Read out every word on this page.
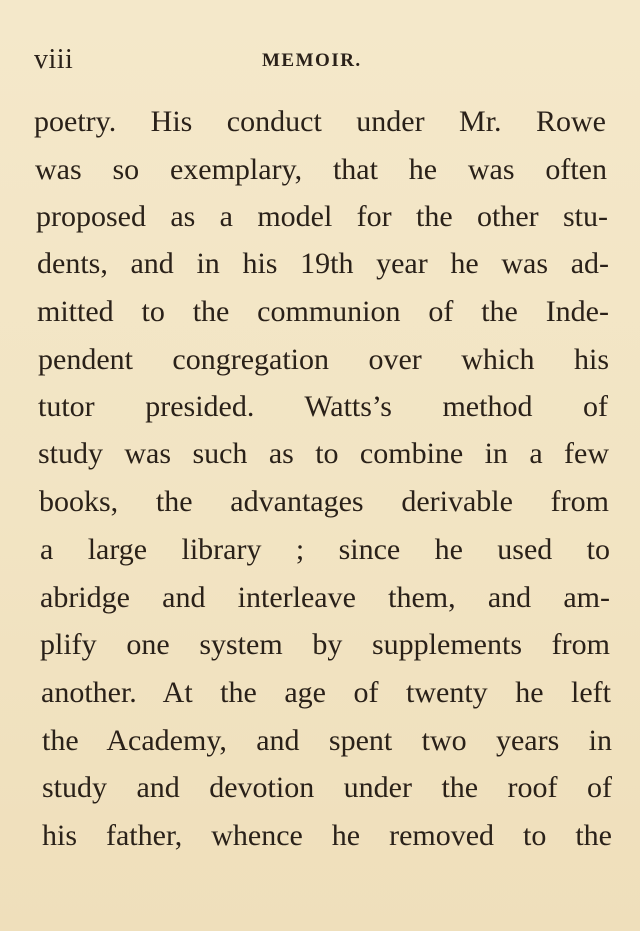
viii	MEMOIR.
poetry. His conduct under Mr. Rowe
was so exemplary, that he was often
proposed as a model for the other stu-
dents, and in his 19th year he was ad-
mitted to the communion of the Inde-
pendent congregation over which his
tutor presided. Watts’s method of
study was such as to combine in a few
books, the advantages derivable from
a large library ; since he used to
abridge and interleave them, and am-
plify one system by supplements from
another. At the age of twenty he left
the Academy, and spent two years in
study and devotion under the roof of
his father, whence he removed to the
